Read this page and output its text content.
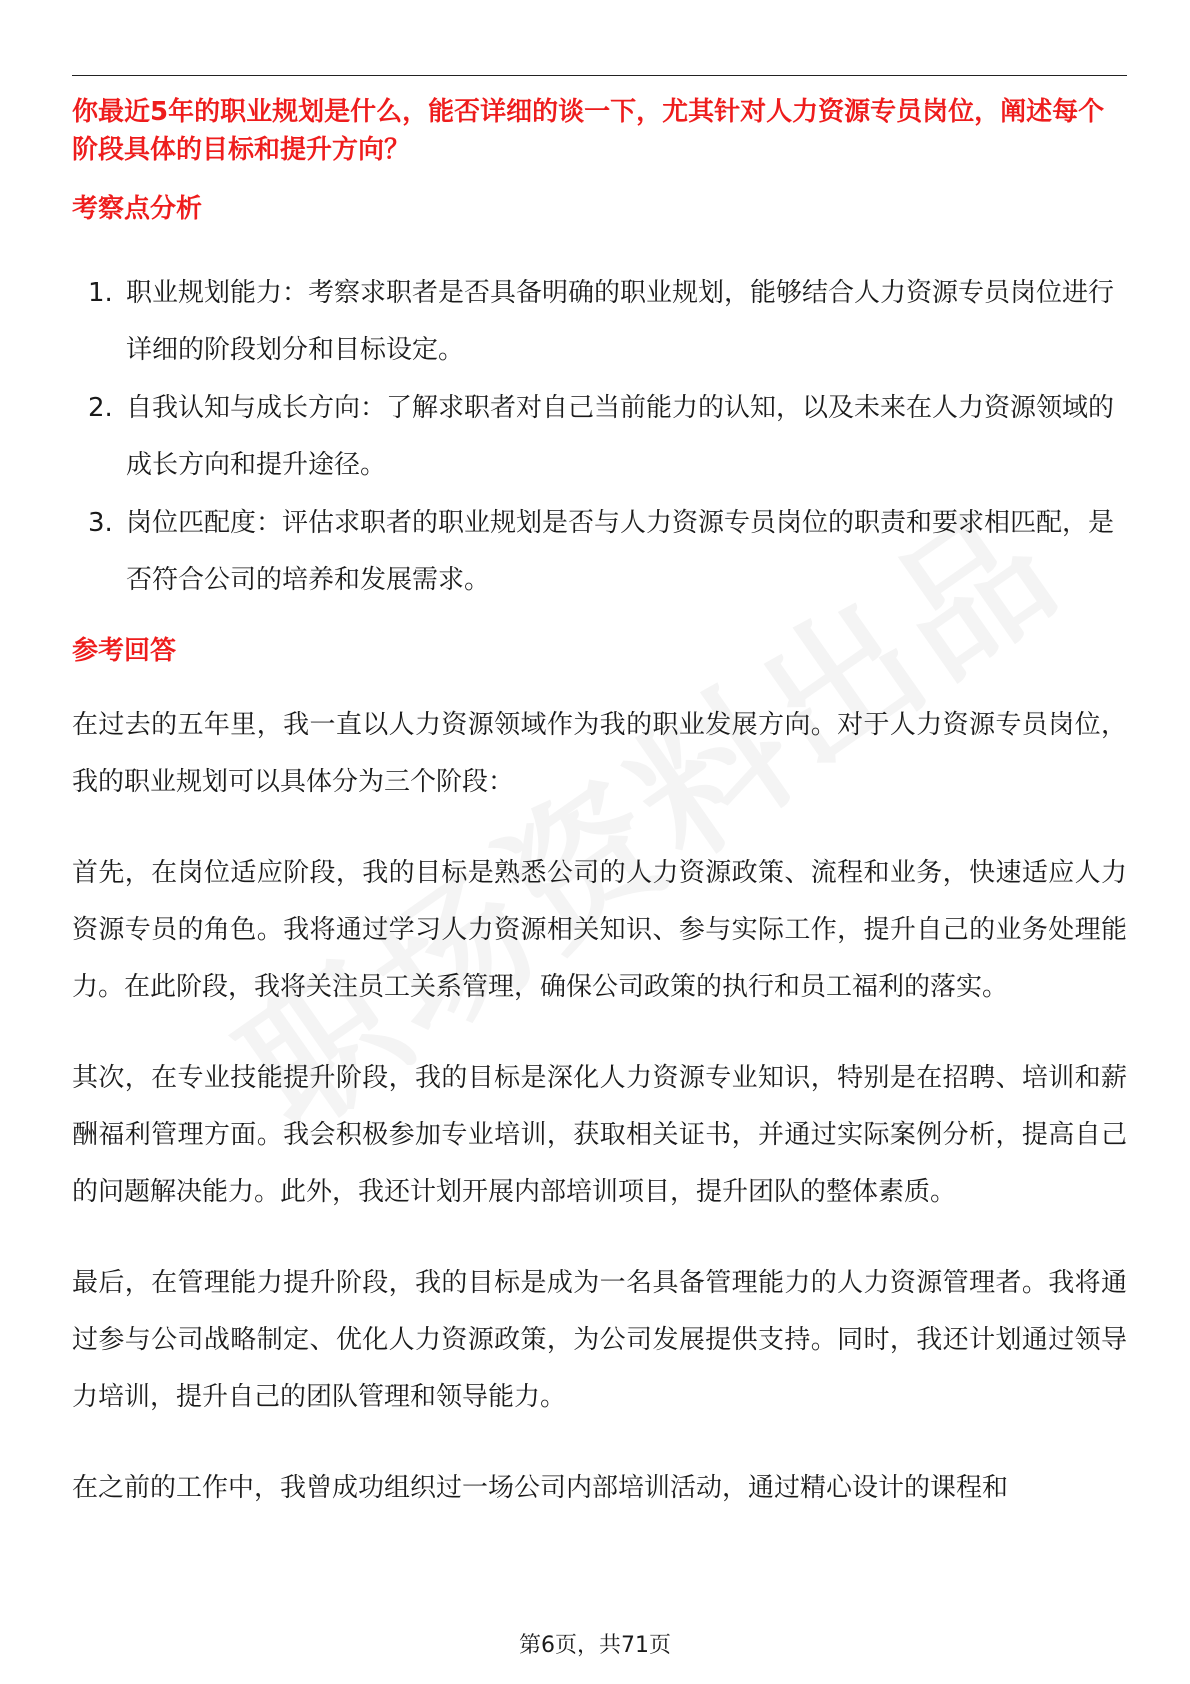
你最近5年的职业规划是什么，能否详细的谈一下，尤其针对人力资源专员岗位，阐述每个阶段具体的目标和提升方向？

考察点分析

1. 职业规划能力：考察求职者是否具备明确的职业规划，能够结合人力资源专员岗位进行详细的阶段划分和目标设定。
2. 自我认知与成长方向：了解求职者对自己当前能力的认知，以及未来在人力资源领域的成长方向和提升途径。
3. 岗位匹配度：评估求职者的职业规划是否与人力资源专员岗位的职责和要求相匹配，是否符合公司的培养和发展需求。

参考回答

在过去的五年里，我一直以人力资源领域作为我的职业发展方向。对于人力资源专员岗位，我的职业规划可以具体分为三个阶段：

首先，在岗位适应阶段，我的目标是熟悉公司的人力资源政策、流程和业务，快速适应人力资源专员的角色。我将通过学习人力资源相关知识、参与实际工作，提升自己的业务处理能力。在此阶段，我将关注员工关系管理，确保公司政策的执行和员工福利的落实。

其次，在专业技能提升阶段，我的目标是深化人力资源专业知识，特别是在招聘、培训和薪酬福利管理方面。我会积极参加专业培训，获取相关证书，并通过实际案例分析，提高自己的问题解决能力。此外，我还计划开展内部培训项目，提升团队的整体素质。

最后，在管理能力提升阶段，我的目标是成为一名具备管理能力的人力资源管理者。我将通过参与公司战略制定、优化人力资源政策，为公司发展提供支持。同时，我还计划通过领导力培训，提升自己的团队管理和领导能力。

在之前的工作中，我曾成功组织过一场公司内部培训活动，通过精心设计的课程和

第6页，共71页
